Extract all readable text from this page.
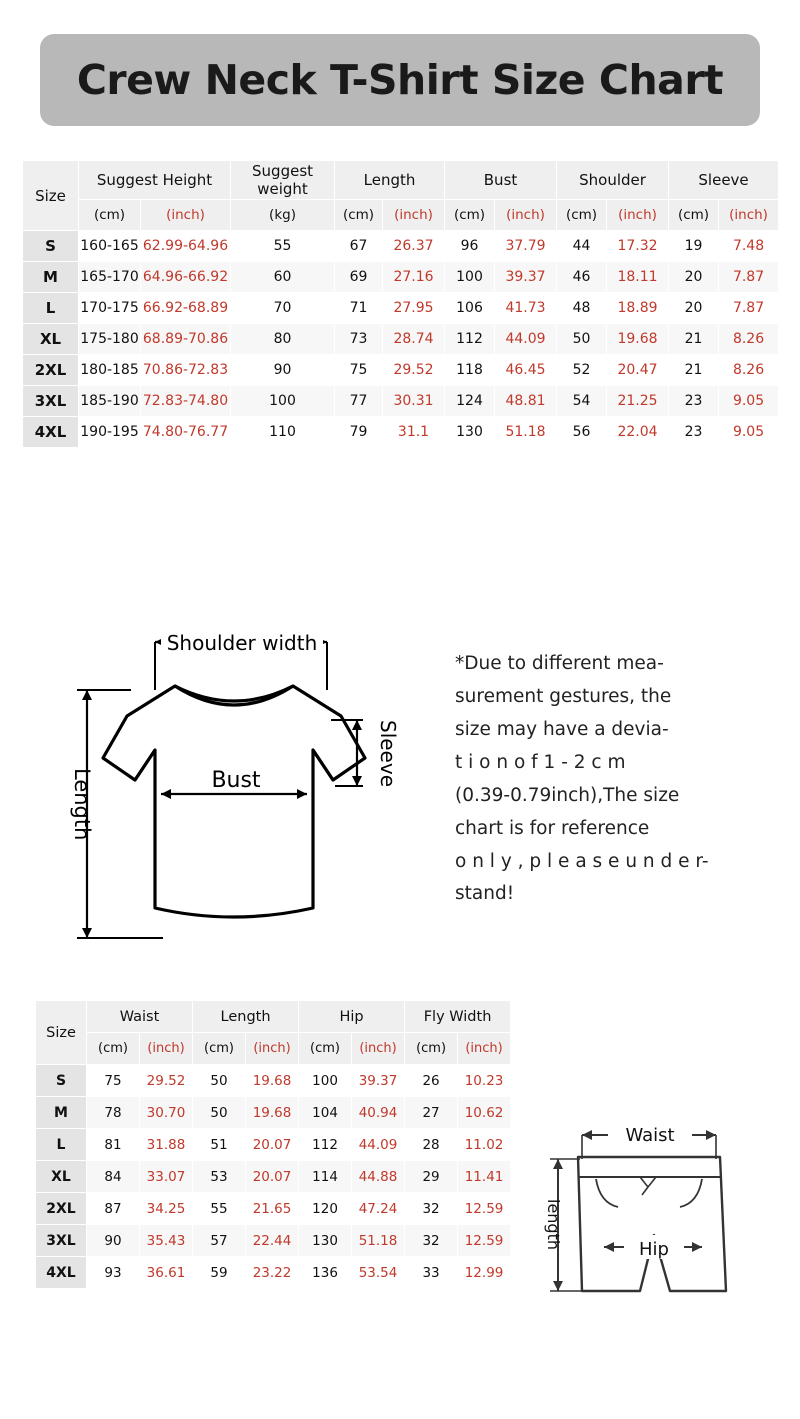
Crew Neck T-Shirt Size Chart
Size	Suggest Height		Suggest weight	Length		Bust		Shoulder		Sleeve	
	(cm)	(inch)	(kg)	(cm)	(inch)	(cm)	(inch)	(cm)	(inch)	(cm)	(inch)
S	160-165	62.99-64.96	55	67	26.37	96	37.79	44	17.32	19	7.48
M	165-170	64.96-66.92	60	69	27.16	100	39.37	46	18.11	20	7.87
L	170-175	66.92-68.89	70	71	27.95	106	41.73	48	18.89	20	7.87
XL	175-180	68.89-70.86	80	73	28.74	112	44.09	50	19.68	21	8.26
2XL	180-185	70.86-72.83	90	75	29.52	118	46.45	52	20.47	21	8.26
3XL	185-190	72.83-74.80	100	77	30.31	124	48.81	54	21.25	23	9.05
4XL	190-195	74.80-76.77	110	79	31.1	130	51.18	56	22.04	23	9.05
Shoulder width
Bust	Sleeve
Length

*Due to different mea-

surement gestures, the

size may have a devia-

t i o n o f 1 - 2 c m

(0.39-0.79inch),The size

chart is for reference

o n l y , p l e a s e u n d e r-

stand!

Size	Waist		Length		Hip		Fly Width	
	(cm)	(inch)	(cm)	(inch)	(cm)	(inch)	(cm)	(inch)
S	75	29.52	50	19.68	100	39.37	26	10.23
M	78	30.70	50	19.68	104	40.94	27	10.62
L	81	31.88	51	20.07	112	44.09	28	11.02
XL	84	33.07	53	20.07	114	44.88	29	11.41
2XL	87	34.25	55	21.65	120	47.24	32	12.59
3XL	90	35.43	57	22.44	130	51.18	32	12.59
4XL	93	36.61	59	23.22	136	53.54	33	12.99
Waist
Hip
length
